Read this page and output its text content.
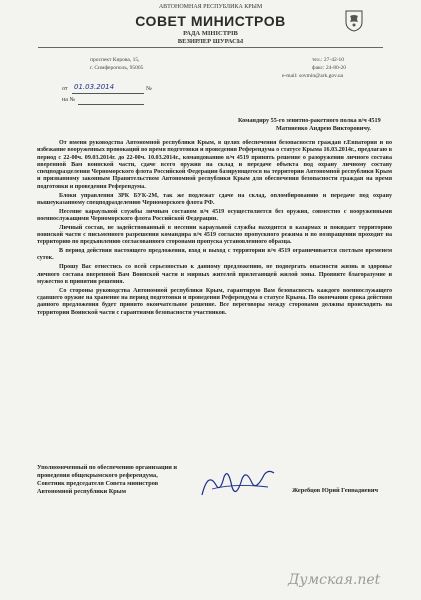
АВТОНОМНАЯ РЕСПУБЛИКА КРЫМ
СОВЕТ МИНИСТРОВ
РАДА МІНІСТРІВ
ВЕЗИРЛЕР ШУРАСЫ
проспект Кирова, 15,
г. Симферополь, 95005
тел.: 27-42-10
факс: 24-80-20
e-mail: sovmin@ark.gov.ua
от 01.03.2014	№
на №
Командиру 55-го зенитно-ракетного полка в/ч 4519
Матвиенко Андрею Викторовичу.

От имени руководства Автономной республики Крым, в целях обеспечения безопасности граждан г.Евпатория и во избежание вооруженных провокаций во время подготовки и проведения Референдума о статусе Крыма 16.03.2014г., предлагаю в период с 22-00ч. 09.03.2014г. до 22-00ч. 10.03.2014г., командованию в/ч 4519 принять решение о разоружении личного состава вверенной Вам воинской части, сдаче всего оружия на склад и передаче объекта под охрану личному составу спецподразделения Черноморского флота Российской Федерации базирующегося на территории Автономной республики Крым и призванному законным Правительством Автономной республики Крым для обеспечения безопасности граждан на время подготовки и проведения Референдума.

Блоки управления ЗРК БУК-2М, так же подлежат сдаче на склад, опломбированию и передаче под охрану вышеуказанному спецподразделению Черноморского флота РФ.

Несение караульной службы личным составом в/ч 4519 осуществляется без оружия, совместно с вооруженными военнослужащими Черноморского флота Российской Федерации.

Личный состав, не задействованный в несении караульной службы находится в казармах и покидает территорию воинской части с письменного разрешения командира в/ч 4519 согласно пропускного режима и по возвращении проходит на территорию по предъявлению согласованного сторонами пропуска установленного образца.

В период действия настоящего предложения, вход и выход с территории в/ч 4519 ограничивается светлым временем суток.

Прошу Вас отнестись со всей серьезностью к данному предложению, не подвергать опасности жизнь и здоровье личного состава вверенной Вам Воинской части и мирных жителей прилегающей жилой зоны. Проявите благоразумие и мужество в принятии решения.

Со стороны руководства Автономной республики Крым, гарантирую Вам безопасность каждого военнослужащего сдавшего оружие на хранение на период подготовки и проведения Референдума о статусе Крыма. По окончании срока действия данного предложения будет принято окончательное решение. Все переговоры между сторонами должны происходить на территории Воинской части с гарантиями безопасности участников.

Уполномоченный по обеспечению организации и
проведения общекрымского референдума,
Советник председателя Совета министров
Автономной республики Крым	Жеребцов Юрий Геннадиевич
Думская.net
